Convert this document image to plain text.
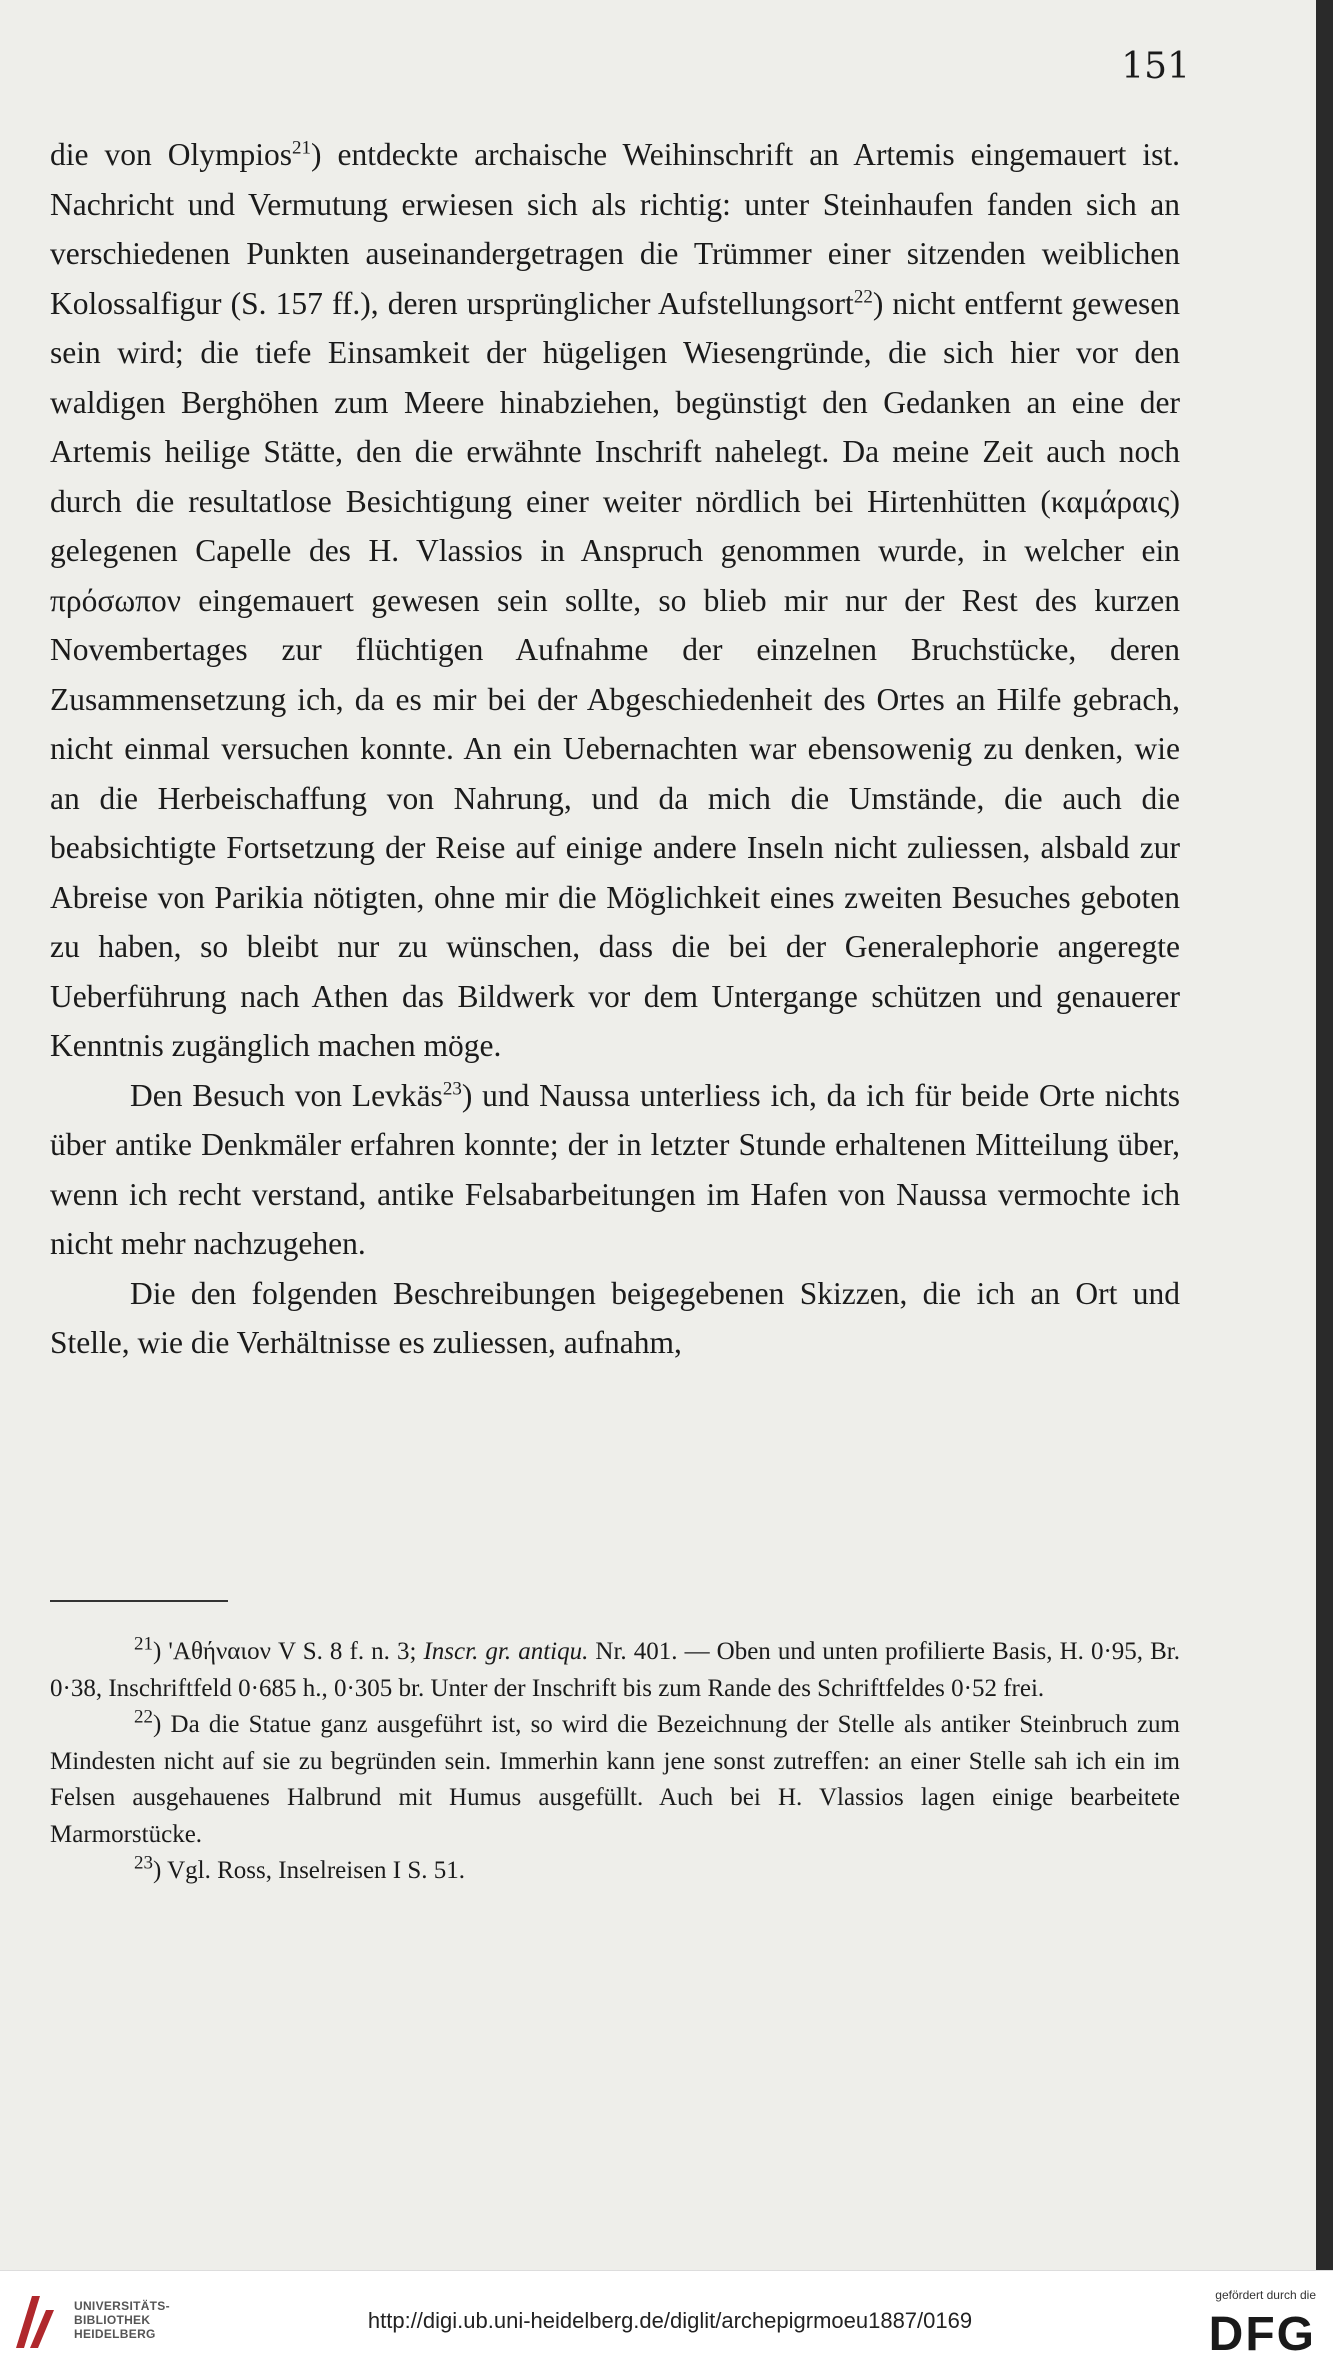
151

die von Olympios$^{21}$) entdeckte archaische Weihinschrift an Artemis eingemauert ist. Nachricht und Vermutung erwiesen sich als richtig: unter Steinhaufen fanden sich an verschiedenen Punkten auseinandergetragen die Trümmer einer sitzenden weiblichen Kolossalfigur (S. 157 ff.), deren ursprünglicher Aufstellungsort$^{22}$) nicht entfernt gewesen sein wird; die tiefe Einsamkeit der hügeligen Wiesengründe, die sich hier vor den waldigen Berghöhen zum Meere hinabziehen, begünstigt den Gedanken an eine der Artemis heilige Stätte, den die erwähnte Inschrift nahelegt. Da meine Zeit auch noch durch die resultatlose Besichtigung einer weiter nördlich bei Hirtenhütten (καμάραις) gelegenen Capelle des H. Vlassios in Anspruch genommen wurde, in welcher ein πρόσωπον eingemauert gewesen sein sollte, so blieb mir nur der Rest des kurzen Novembertages zur flüchtigen Aufnahme der einzelnen Bruchstücke, deren Zusammensetzung ich, da es mir bei der Abgeschiedenheit des Ortes an Hilfe gebrach, nicht einmal versuchen konnte. An ein Uebernachten war ebensowenig zu denken, wie an die Herbeischaffung von Nahrung, und da mich die Umstände, die auch die beabsichtigte Fortsetzung der Reise auf einige andere Inseln nicht zuliessen, alsbald zur Abreise von Parikia nötigten, ohne mir die Möglichkeit eines zweiten Besuches geboten zu haben, so bleibt nur zu wünschen, dass die bei der Generalephorie angeregte Ueberführung nach Athen das Bildwerk vor dem Untergange schützen und genauerer Kenntnis zugänglich machen möge.

Den Besuch von Levkäs$^{23}$) und Naussa unterliess ich, da ich für beide Orte nichts über antike Denkmäler erfahren konnte; der in letzter Stunde erhaltenen Mitteilung über, wenn ich recht verstand, antike Felsabarbeitungen im Hafen von Naussa vermochte ich nicht mehr nachzugehen.

Die den folgenden Beschreibungen beigegebenen Skizzen, die ich an Ort und Stelle, wie die Verhältnisse es zuliessen, aufnahm,

$^{21}$) 'Αθήναιον V S. 8 f. n. 3; Inscr. gr. antiqu. Nr. 401. — Oben und unten profilierte Basis, H. 0·95, Br. 0·38, Inschriftfeld 0·685 h., 0·305 br. Unter der Inschrift bis zum Rande des Schriftfeldes 0·52 frei.

$^{22}$) Da die Statue ganz ausgeführt ist, so wird die Bezeichnung der Stelle als antiker Steinbruch zum Mindesten nicht auf sie zu begründen sein. Immerhin kann jene sonst zutreffen: an einer Stelle sah ich ein im Felsen ausgehauenes Halbrund mit Humus ausgefüllt. Auch bei H. Vlassios lagen einige bearbeitete Marmorstücke.

$^{23}$) Vgl. Ross, Inselreisen I S. 51.

UNIVERSITÄTS-
BIBLIOTHEK
HEIDELBERG
http://digi.ub.uni-heidelberg.de/diglit/archepigrmoeu1887/0169
gefördert durch die
DFG
